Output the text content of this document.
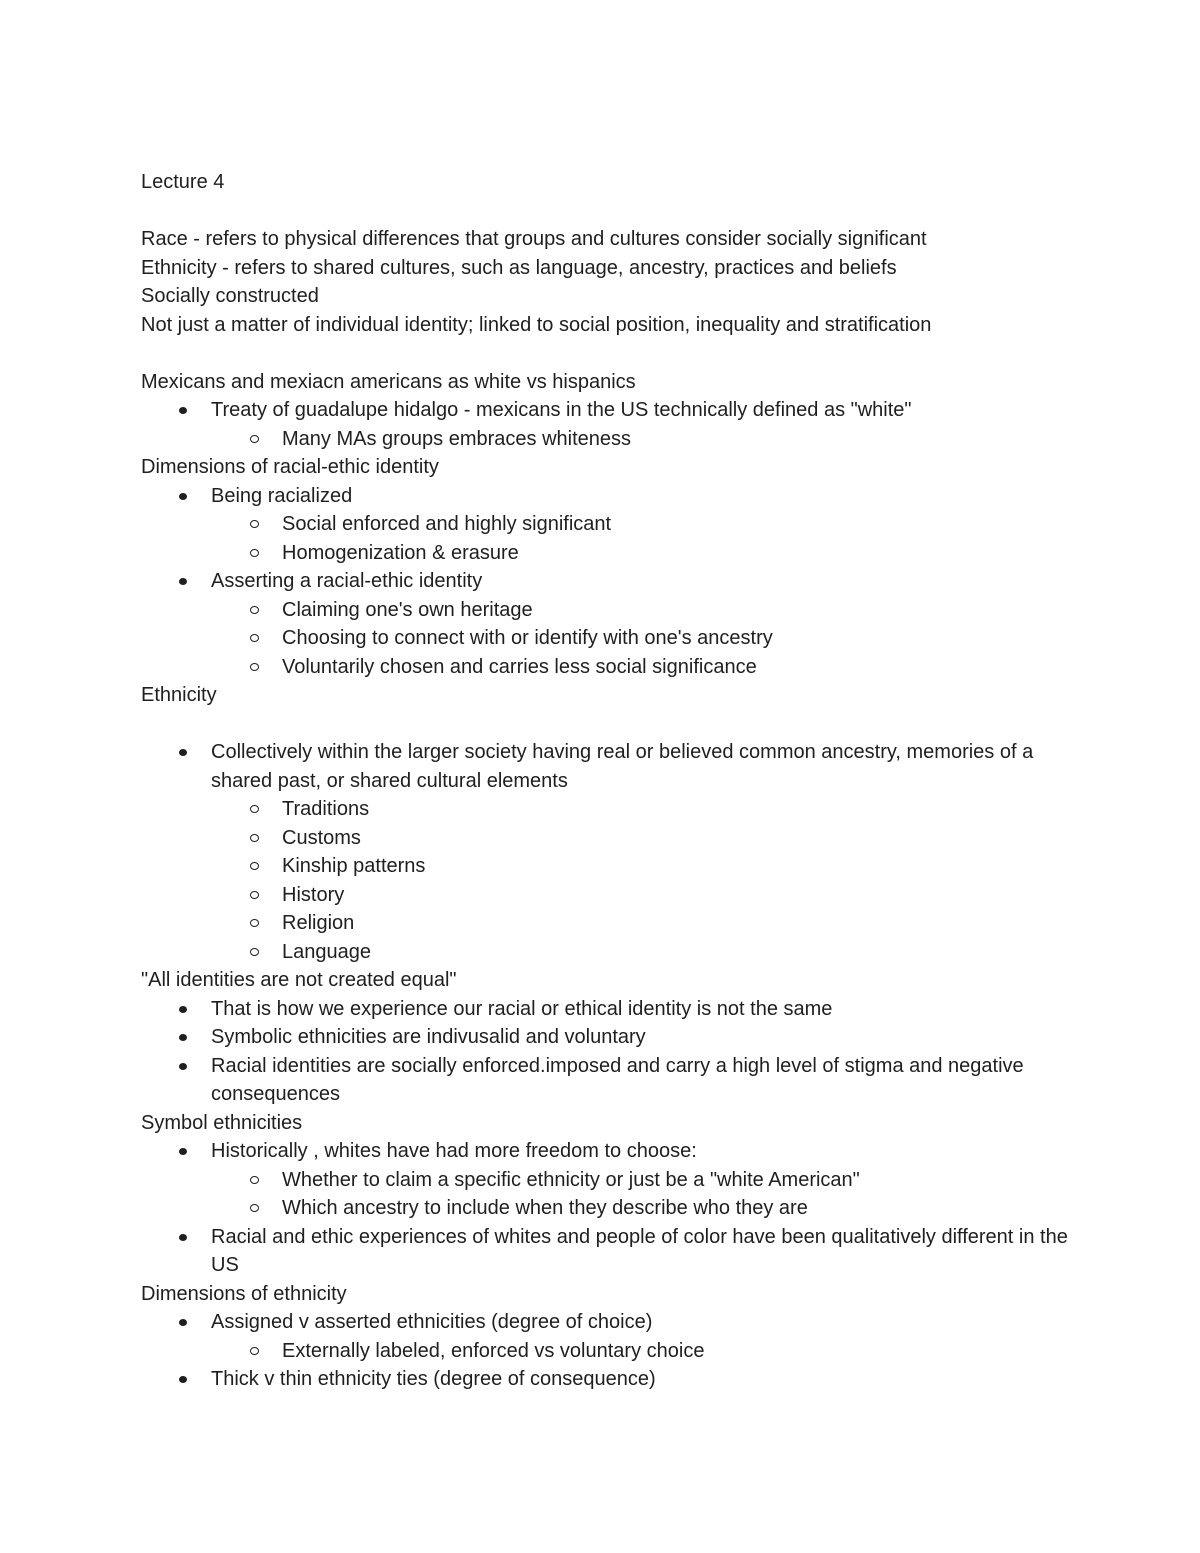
Lecture 4
Race - refers to physical differences that groups and cultures consider socially significant
Ethnicity - refers to shared cultures, such as language, ancestry, practices and beliefs
Socially constructed
Not just a matter of individual identity; linked to social position, inequality and stratification
Mexicans and mexiacn americans as white vs hispanics
Treaty of guadalupe hidalgo - mexicans in the US technically defined as "white"
Many MAs groups embraces whiteness
Dimensions of racial-ethic identity
Being racialized
Social enforced and highly significant
Homogenization & erasure
Asserting a racial-ethic identity
Claiming one's own heritage
Choosing to connect with or identify with one's ancestry
Voluntarily chosen and carries less social significance
Ethnicity
Collectively within the larger society having real or believed common ancestry, memories of a shared past, or shared cultural elements
Traditions
Customs
Kinship patterns
History
Religion
Language
"All identities are not created equal"
That is how we experience our racial or ethical identity is not the same
Symbolic ethnicities are indivusalid and voluntary
Racial identities are socially enforced.imposed and carry a high level of stigma and negative consequences
Symbol ethnicities
Historically , whites have had more freedom to choose:
Whether to claim a specific ethnicity or just be a "white American"
Which ancestry to include when they describe who they are
Racial and ethic experiences of whites and people of color have been qualitatively different in the US
Dimensions of ethnicity
Assigned v asserted ethnicities (degree of choice)
Externally labeled, enforced vs voluntary choice
Thick v thin ethnicity ties (degree of consequence)
